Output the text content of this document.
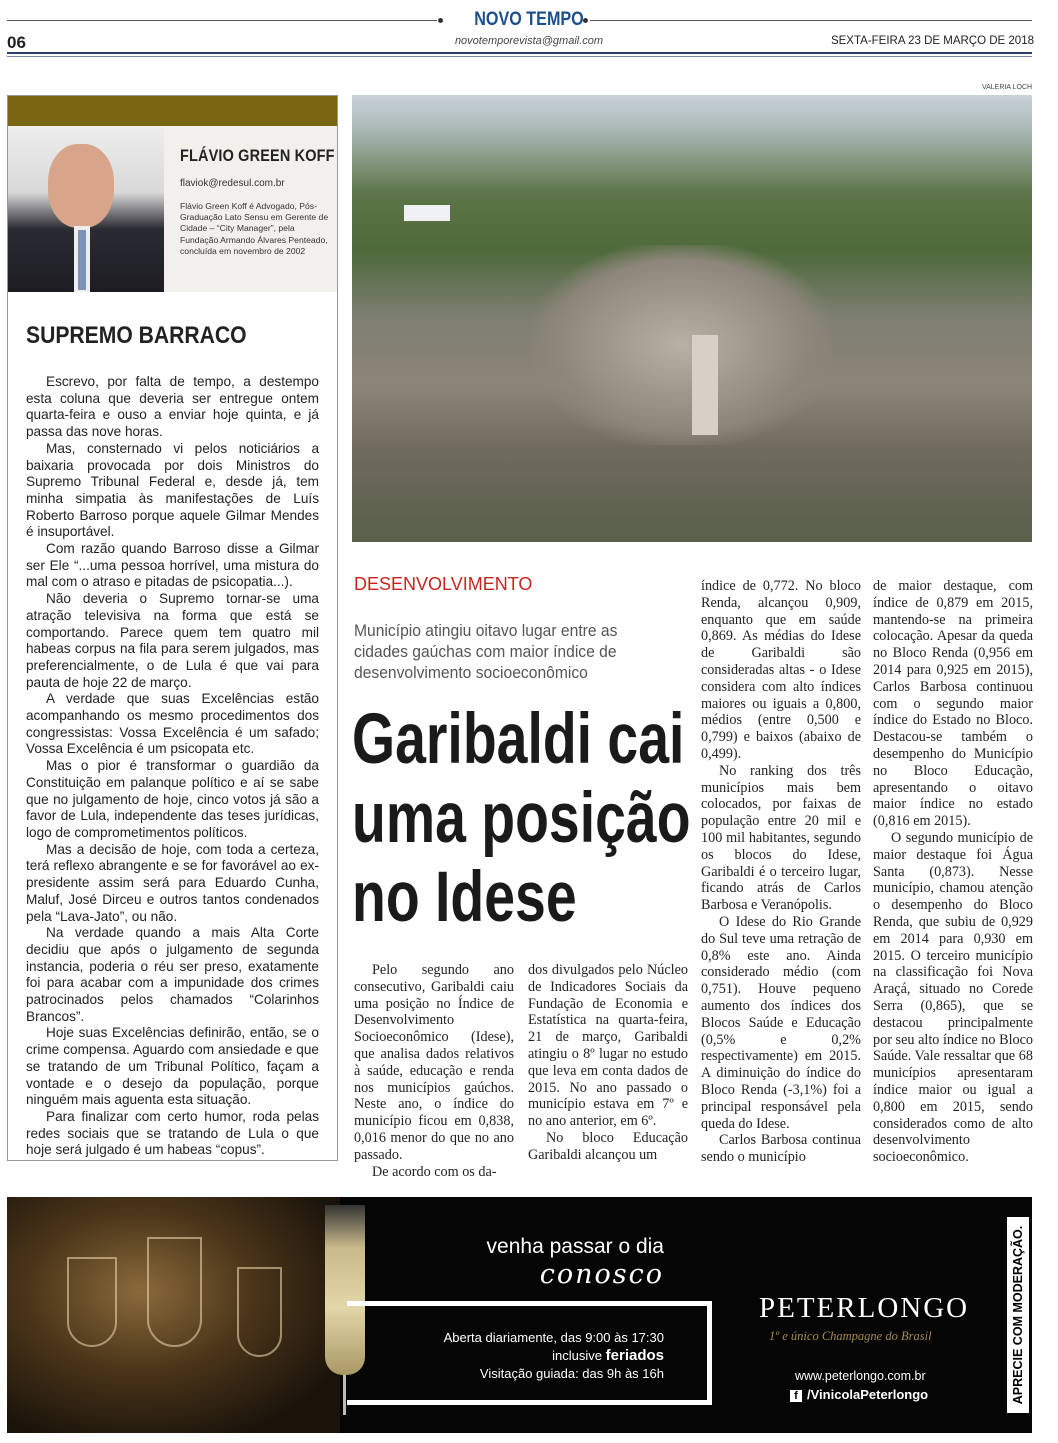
NOVO TEMPO
novotemporevista@gmail.com
06	SEXTA-FEIRA 23 DE MARÇO DE 2018
VALERIA LOCH
FLÁVIO GREEN KOFF
flaviok@redesul.com.br
Flávio Green Koff é Advogado, Pós-Graduação Lato Sensu em Gerente de Cidade – “City Manager”, pela Fundação Armando Álvares Penteado, concluída em novembro de 2002
SUPREMO BARRACO

Escrevo, por falta de tempo, a destempo esta coluna que deveria ser entregue ontem quarta-feira e ouso a enviar hoje quinta, e já passa das nove horas.

Mas, consternado vi pelos noticiários a baixaria provocada por dois Ministros do Supremo Tribunal Federal e, desde já, tem minha simpatia às manifestações de Luís Roberto Barroso porque aquele Gilmar Mendes é insuportável.

Com razão quando Barroso disse a Gilmar ser Ele “...uma pessoa horrível, uma mistura do mal com o atraso e pitadas de psicopatia...).

Não deveria o Supremo tornar-se uma atração televisiva na forma que está se comportando. Parece quem tem quatro mil habeas corpus na fila para serem julgados, mas preferencialmente, o de Lula é que vai para pauta de hoje 22 de março.

A verdade que suas Excelências estão acompanhando os mesmo procedimentos dos congressistas: Vossa Excelência é um safado; Vossa Excelência é um psicopata etc.

Mas o pior é transformar o guardião da Constituição em palanque político e aí se sabe que no julgamento de hoje, cinco votos já são a favor de Lula, independente das teses jurídicas, logo de comprometimentos políticos.

Mas a decisão de hoje, com toda a certeza, terá reflexo abrangente e se for favorável ao ex-presidente assim será para Eduardo Cunha, Maluf, José Dirceu e outros tantos condenados pela “Lava-Jato”, ou não.

Na verdade quando a mais Alta Corte decidiu que após o julgamento de segunda instancia, poderia o réu ser preso, exatamente foi para acabar com a impunidade dos crimes patrocinados pelos chamados “Colarinhos Brancos”.

Hoje suas Excelências definirão, então, se o crime compensa. Aguardo com ansiedade e que se tratando de um Tribunal Político, façam a vontade e o desejo da população, porque ninguém mais aguenta esta situação.

Para finalizar com certo humor, roda pelas redes sociais que se tratando de Lula o que hoje será julgado é um habeas “copus”.

DESENVOLVIMENTO
Município atingiu oitavo lugar entre as cidades gaúchas com maior índice de desenvolvimento socioeconômico
Garibaldi cai uma posição no Idese

Pelo segundo ano consecutivo, Garibaldi caiu uma posição no Índice de Desenvolvimento Socioeconômico (Idese), que analisa dados relativos à saúde, educação e renda nos municípios gaúchos. Neste ano, o índice do município ficou em 0,838, 0,016 menor do que no ano passado.

De acordo com os da-

dos divulgados pelo Núcleo de Indicadores Sociais da Fundação de Economia e Estatística na quarta-feira, 21 de março, Garibaldi atingiu o 8º lugar no estudo que leva em conta dados de 2015. No ano passado o município estava em 7º e no ano anterior, em 6º.

No bloco Educação Garibaldi alcançou um

índice de 0,772. No bloco Renda, alcançou 0,909, enquanto que em saúde 0,869. As médias do Idese de Garibaldi são consideradas altas - o Idese considera com alto índices maiores ou iguais a 0,800, médios (entre 0,500 e 0,799) e baixos (abaixo de 0,499).

No ranking dos três municípios mais bem colocados, por faixas de população entre 20 mil e 100 mil habitantes, segundo os blocos do Idese, Garibaldi é o terceiro lugar, ficando atrás de Carlos Barbosa e Veranópolis.

O Idese do Rio Grande do Sul teve uma retração de 0,8% este ano. Ainda considerado médio (com 0,751). Houve pequeno aumento dos índices dos Blocos Saúde e Educação (0,5% e 0,2% respectivamente) em 2015. A diminuição do índice do Bloco Renda (-3,1%) foi a principal responsável pela queda do Idese.

Carlos Barbosa continua sendo o município

de maior destaque, com índice de 0,879 em 2015, mantendo-se na primeira colocação. Apesar da queda no Bloco Renda (0,956 em 2014 para 0,925 em 2015), Carlos Barbosa continuou com o segundo maior índice do Estado no Bloco. Destacou-se também o desempenho do Município no Bloco Educação, apresentando o oitavo maior índice no estado (0,816 em 2015).

O segundo município de maior destaque foi Água Santa (0,873). Nesse município, chamou atenção o desempenho do Bloco Renda, que subiu de 0,929 em 2014 para 0,930 em 2015. O terceiro município na classificação foi Nova Araçá, situado no Corede Serra (0,865), que se destacou principalmente por seu alto índice no Bloco Saúde. Vale ressaltar que 68 municípios apresentaram índice maior ou igual a 0,800 em 2015, sendo considerados como de alto desenvolvimento socioeconômico.

venha passar o dia
conosco
Aberta diariamente, das 9:00 às 17:30
inclusive feriados
Visitação guiada: das 9h às 16h
PETERLONGO
1º e único Champagne do Brasil
www.peterlongo.com.br
f /VinicolaPeterlongo	APRECIE COM MODERAÇÃO.
